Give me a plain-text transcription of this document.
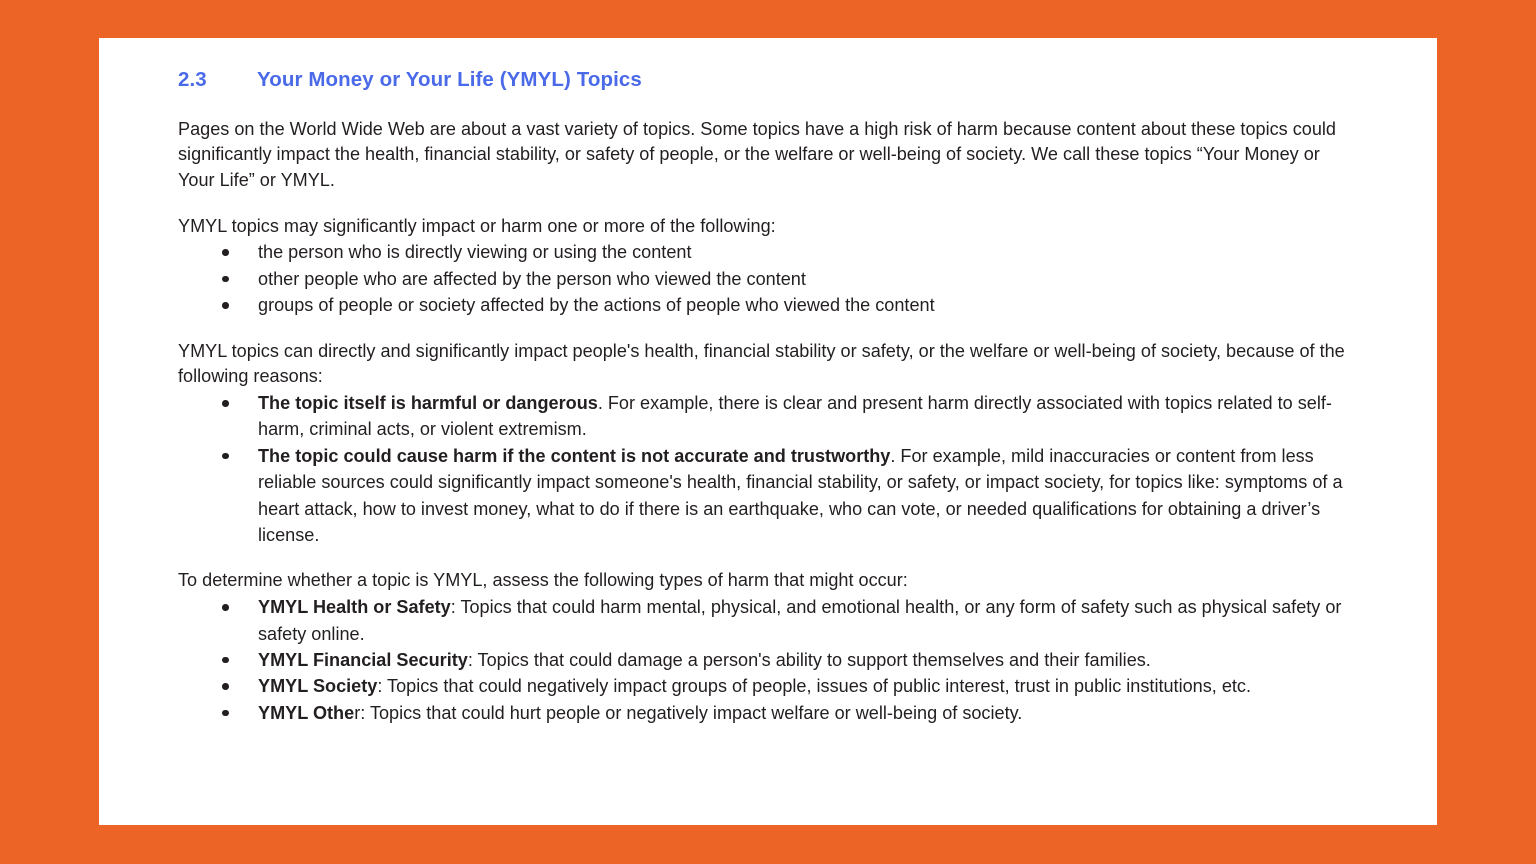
2.3	Your Money or Your Life (YMYL) Topics

Pages on the World Wide Web are about a vast variety of topics. Some topics have a high risk of harm because content about these topics could significantly impact the health, financial stability, or safety of people, or the welfare or well-being of society. We call these topics “Your Money or Your Life” or YMYL.

YMYL topics may significantly impact or harm one or more of the following:

the person who is directly viewing or using the content
other people who are affected by the person who viewed the content
groups of people or society affected by the actions of people who viewed the content

YMYL topics can directly and significantly impact people's health, financial stability or safety, or the welfare or well-being of society, because of the following reasons:

The topic itself is harmful or dangerous. For example, there is clear and present harm directly associated with topics related to self-harm, criminal acts, or violent extremism.
The topic could cause harm if the content is not accurate and trustworthy. For example, mild inaccuracies or content from less reliable sources could significantly impact someone's health, financial stability, or safety, or impact society, for topics like: symptoms of a heart attack, how to invest money, what to do if there is an earthquake, who can vote, or needed qualifications for obtaining a driver’s license.

To determine whether a topic is YMYL, assess the following types of harm that might occur:

YMYL Health or Safety: Topics that could harm mental, physical, and emotional health, or any form of safety such as physical safety or safety online.
YMYL Financial Security: Topics that could damage a person's ability to support themselves and their families.
YMYL Society: Topics that could negatively impact groups of people, issues of public interest, trust in public institutions, etc.
YMYL Other: Topics that could hurt people or negatively impact welfare or well-being of society.
